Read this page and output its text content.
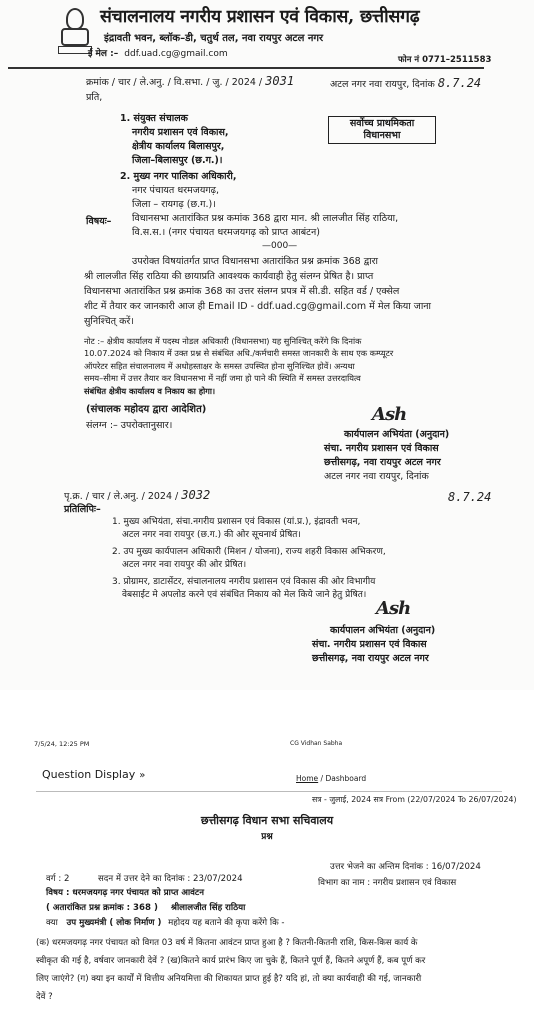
संचालनालय नगरीय प्रशासन एवं विकास, छत्तीसगढ़
इंद्रावती भवन, ब्लॉक–डी, चतुर्थ तल, नवा रायपुर अटल नगर
ई मेल :– ddf.uad.cg@gmail.com
फोन नं 0771–2511583
क्रमांक / चार / ले.अनु. / वि.सभा. / जु. / 2024 / 3031	अटल नगर नवा रायपुर, दिनांक 8.7.24
प्रति,
सर्वोच्च प्राथमिकता
विधानसभा
1. संयुक्त संचालक
नगरीय प्रशासन एवं विकास,
क्षेत्रीय कार्यालय बिलासपुर,
जिला–बिलासपुर (छ.ग.)।
2. मुख्य नगर पालिका अधिकारी,
नगर पंचायत धरमजयगढ़,
जिला – रायगढ़ (छ.ग.)।
विषयः– विधानसभा अतारांकित प्रश्न कमांक 368 द्वारा मान. श्री लालजीत सिंह राठिया,
वि.स.स.। (नगर पंचायत धरमजयगढ़ को प्राप्त आबंटन)
—000—
उपरोक्त विषयांतर्गत प्राप्त विधानसभा अतारांकित प्रश्न क्रमांक 368 द्वारा
श्री लालजीत सिंह राठिया की छायाप्रति आवश्यक कार्यवाही हेतु संलग्न प्रेषित है। प्राप्त
विधानसभा अतारांकित प्रश्न क्रमांक 368 का उत्तर संलग्न प्रपत्र में सी.डी. सहित वर्ड / एक्सेल
शीट में तैयार कर जानकारी आज ही Email ID - ddf.uad.cg@gmail.com में मेल किया जाना
सुनिश्चित् करें।
नोट :– क्षेत्रीय कार्यालय में पदस्थ नोडल अधिकारी (विधानसभा) यह सुनिश्चित् करेंगे कि दिनांक
10.07.2024 को निकाय में उक्त प्रश्न से संबंधित अधि./कर्मचारी समस्त जानकारी के साथ एक कम्प्यूटर
ऑपरेटर सहित संचालनालय में अधोहस्ताक्षर के समस्त उपस्थित होना सुनिश्चित होवें। अन्यथा
समय–सीमा में उत्तर तैयार कर विधानसभा में नहीं जमा हो पाने की स्थिति में समस्त उत्तरदायित्व
संबंधित क्षेत्रीय कार्यालय व निकाय का होगा।
(संचालक महोदय द्वारा आदेशित)
संलग्न :– उपरोक्तानुसार।
Ash
कार्यपालन अभियंता (अनुदान)
संचा. नगरीय प्रशासन एवं विकास
छत्तीसगढ़, नवा रायपुर अटल नगर
अटल नगर नवा रायपुर, दिनांक
8.7.24
पृ.क्र. / चार / ले.अनु. / 2024 / 3032
प्रतिलिपिः–
1. मुख्य अभियंता, संचा.नगरीय प्रशासन एवं विकास (यां.प्र.), इंद्रावती भवन,
अटल नगर नवा रायपुर (छ.ग.) की ओर सूचनार्थ प्रेषित।
2. उप मुख्य कार्यपालन अधिकारी (मिशन / योजना), राज्य शहरी विकास अभिकरण,
अटल नगर नवा रायपुर की ओर प्रेषित।
3. प्रोग्रामर, डाटासेंटर, संचालनालय नगरीय प्रशासन एवं विकास की ओर विभागीय
वेबसाईट मे अपलोड करने एवं संबंधित निकाय को मेल किये जाने हेतु प्रेषित।
Ash
कार्यपालन अभियंता (अनुदान)
संचा. नगरीय प्रशासन एवं विकास
छत्तीसगढ़, नवा रायपुर अटल नगर
7/5/24, 12:25 PM	CG Vidhan Sabha
Question Display »	Home / Dashboard
सत्र - जुलाई, 2024 सत्र From (22/07/2024 To 26/07/2024)
छत्तीसगढ़ विधान सभा सचिवालय
प्रश्न
उत्तर भेजने का अन्तिम दिनांक : 16/07/2024
वर्ग : 2	सदन में उत्तर देने का दिनांक : 23/07/2024	विभाग का नाम : नगरीय प्रशासन एवं विकास
विषय : धरमजयगढ़ नगर पंचायत को प्राप्त आवंटन
( अतारांकित प्रश्न क्रमांक : 368 ) श्रीलालजीत सिंह राठिया
क्या उप मुख्यमंत्री ( लोक निर्माण ) महोदय यह बताने की कृपा करेंगे कि -
(क) धरमजयगढ़ नगर पंचायत को विगत 03 वर्ष में कितना आवंटन प्राप्त हुआ है ? कितनी-कितनी राशि, किस-किस कार्य के
स्वीकृत की गई है, वर्षवार जानकारी देवें ? (ख)कितने कार्य प्रारंभ किए जा चुके हैं, कितने पूर्ण हैं, कितने अपूर्ण हैं, कब पूर्ण कर
लिए जाएंगे? (ग) क्या इन कार्यों में वित्तीय अनियमित्ता की शिकायत प्राप्त हुई है? यदि हां, तो क्या कार्यवाही की गई, जानकारी
देवें ?
